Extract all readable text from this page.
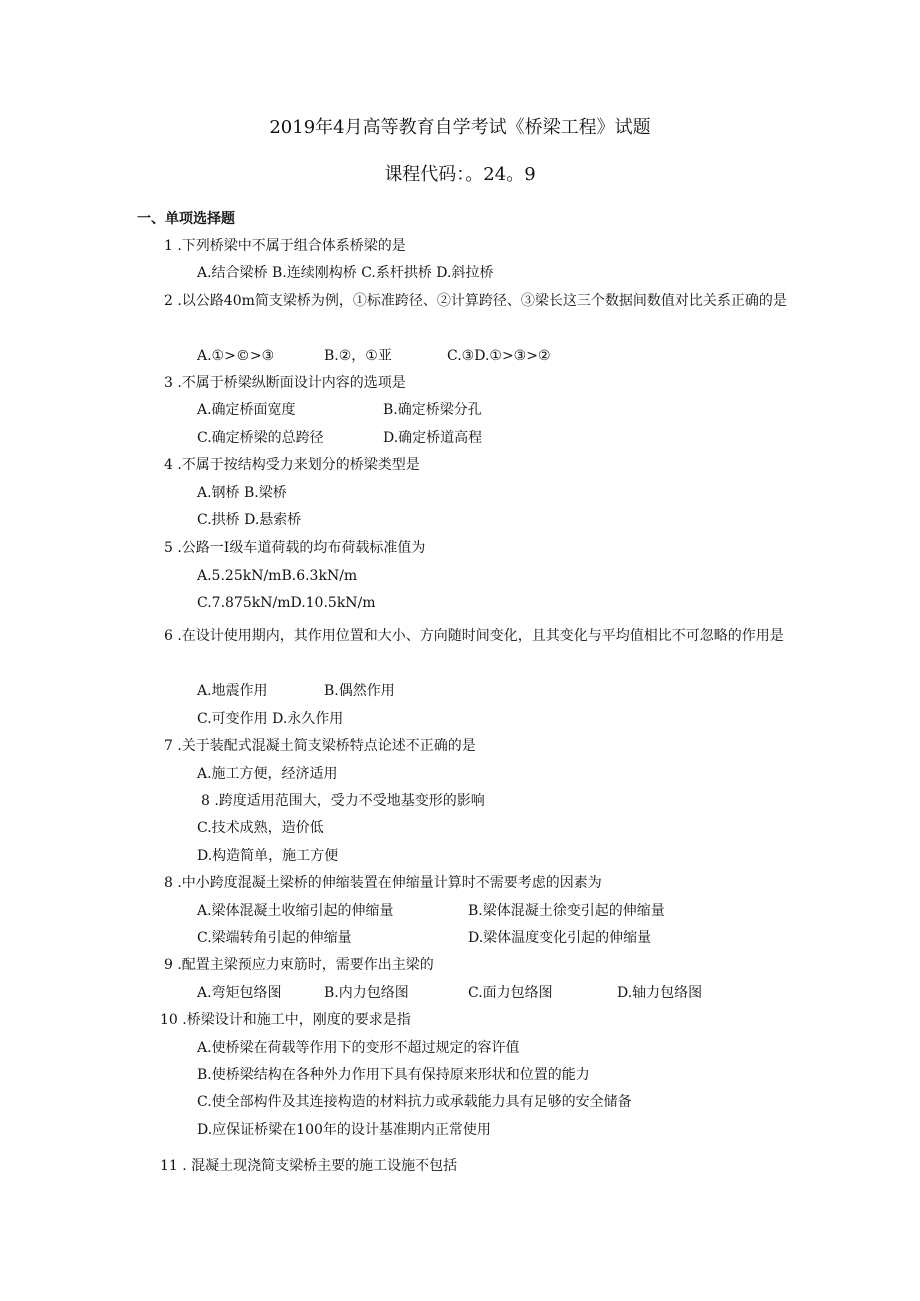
2019年4月高等教育自学考试《桥梁工程》试题
课程代码：。24。9
一、单项选择题
1 .下列桥梁中不属于组合体系桥梁的是
A.结合梁桥 B.连续刚构桥 C.系杆拱桥 D.斜拉桥
2 .以公路40m简支梁桥为例，①标准跨径、②计算跨径、③梁长这三个数据间数值对比关系正确的是
A.①>©>③	B.②，①亚	C.③D.①>③>②
3 .不属于桥梁纵断面设计内容的选项是
A.确定桥面宽度	B.确定桥梁分孔
C.确定桥梁的总跨径	D.确定桥道高程
4 .不属于按结构受力来划分的桥梁类型是
A.钢桥 B.梁桥
C.拱桥 D.悬索桥
5 .公路一I级车道荷载的均布荷载标准值为
A.5.25kN/mB.6.3kN/m
C.7.875kN/mD.10.5kN∕m
6 .在设计使用期内，其作用位置和大小、方向随时间变化，且其变化与平均值相比不可忽略的作用是
A.地震作用	B.偶然作用
C.可变作用 D.永久作用
7 .关于装配式混凝土简支梁桥特点论述不正确的是
A.施工方便，经济适用
8 .跨度适用范围大，受力不受地基变形的影响
C.技术成熟，造价低
D.构造简单，施工方便
8 .中小跨度混凝土梁桥的伸缩装置在伸缩量计算时不需要考虑的因素为
A.梁体混凝土收缩引起的伸缩量	B.梁体混凝土徐变引起的伸缩量
C.梁端转角引起的伸缩量	D.梁体温度变化引起的伸缩量
9 .配置主梁预应力束筋时，需要作出主梁的
A.弯矩包络图	B.内力包络图	C.面力包络图	D.轴力包络图
10 .桥梁设计和施工中，刚度的要求是指
A.使桥梁在荷载等作用下的变形不超过规定的容许值
B.使桥梁结构在各种外力作用下具有保持原来形状和位置的能力
C.使全部构件及其连接构造的材料抗力或承载能力具有足够的安全储备
D.应保证桥梁在100年的设计基准期内正常使用
11 . 混凝土现浇简支梁桥主要的施工设施不包括
